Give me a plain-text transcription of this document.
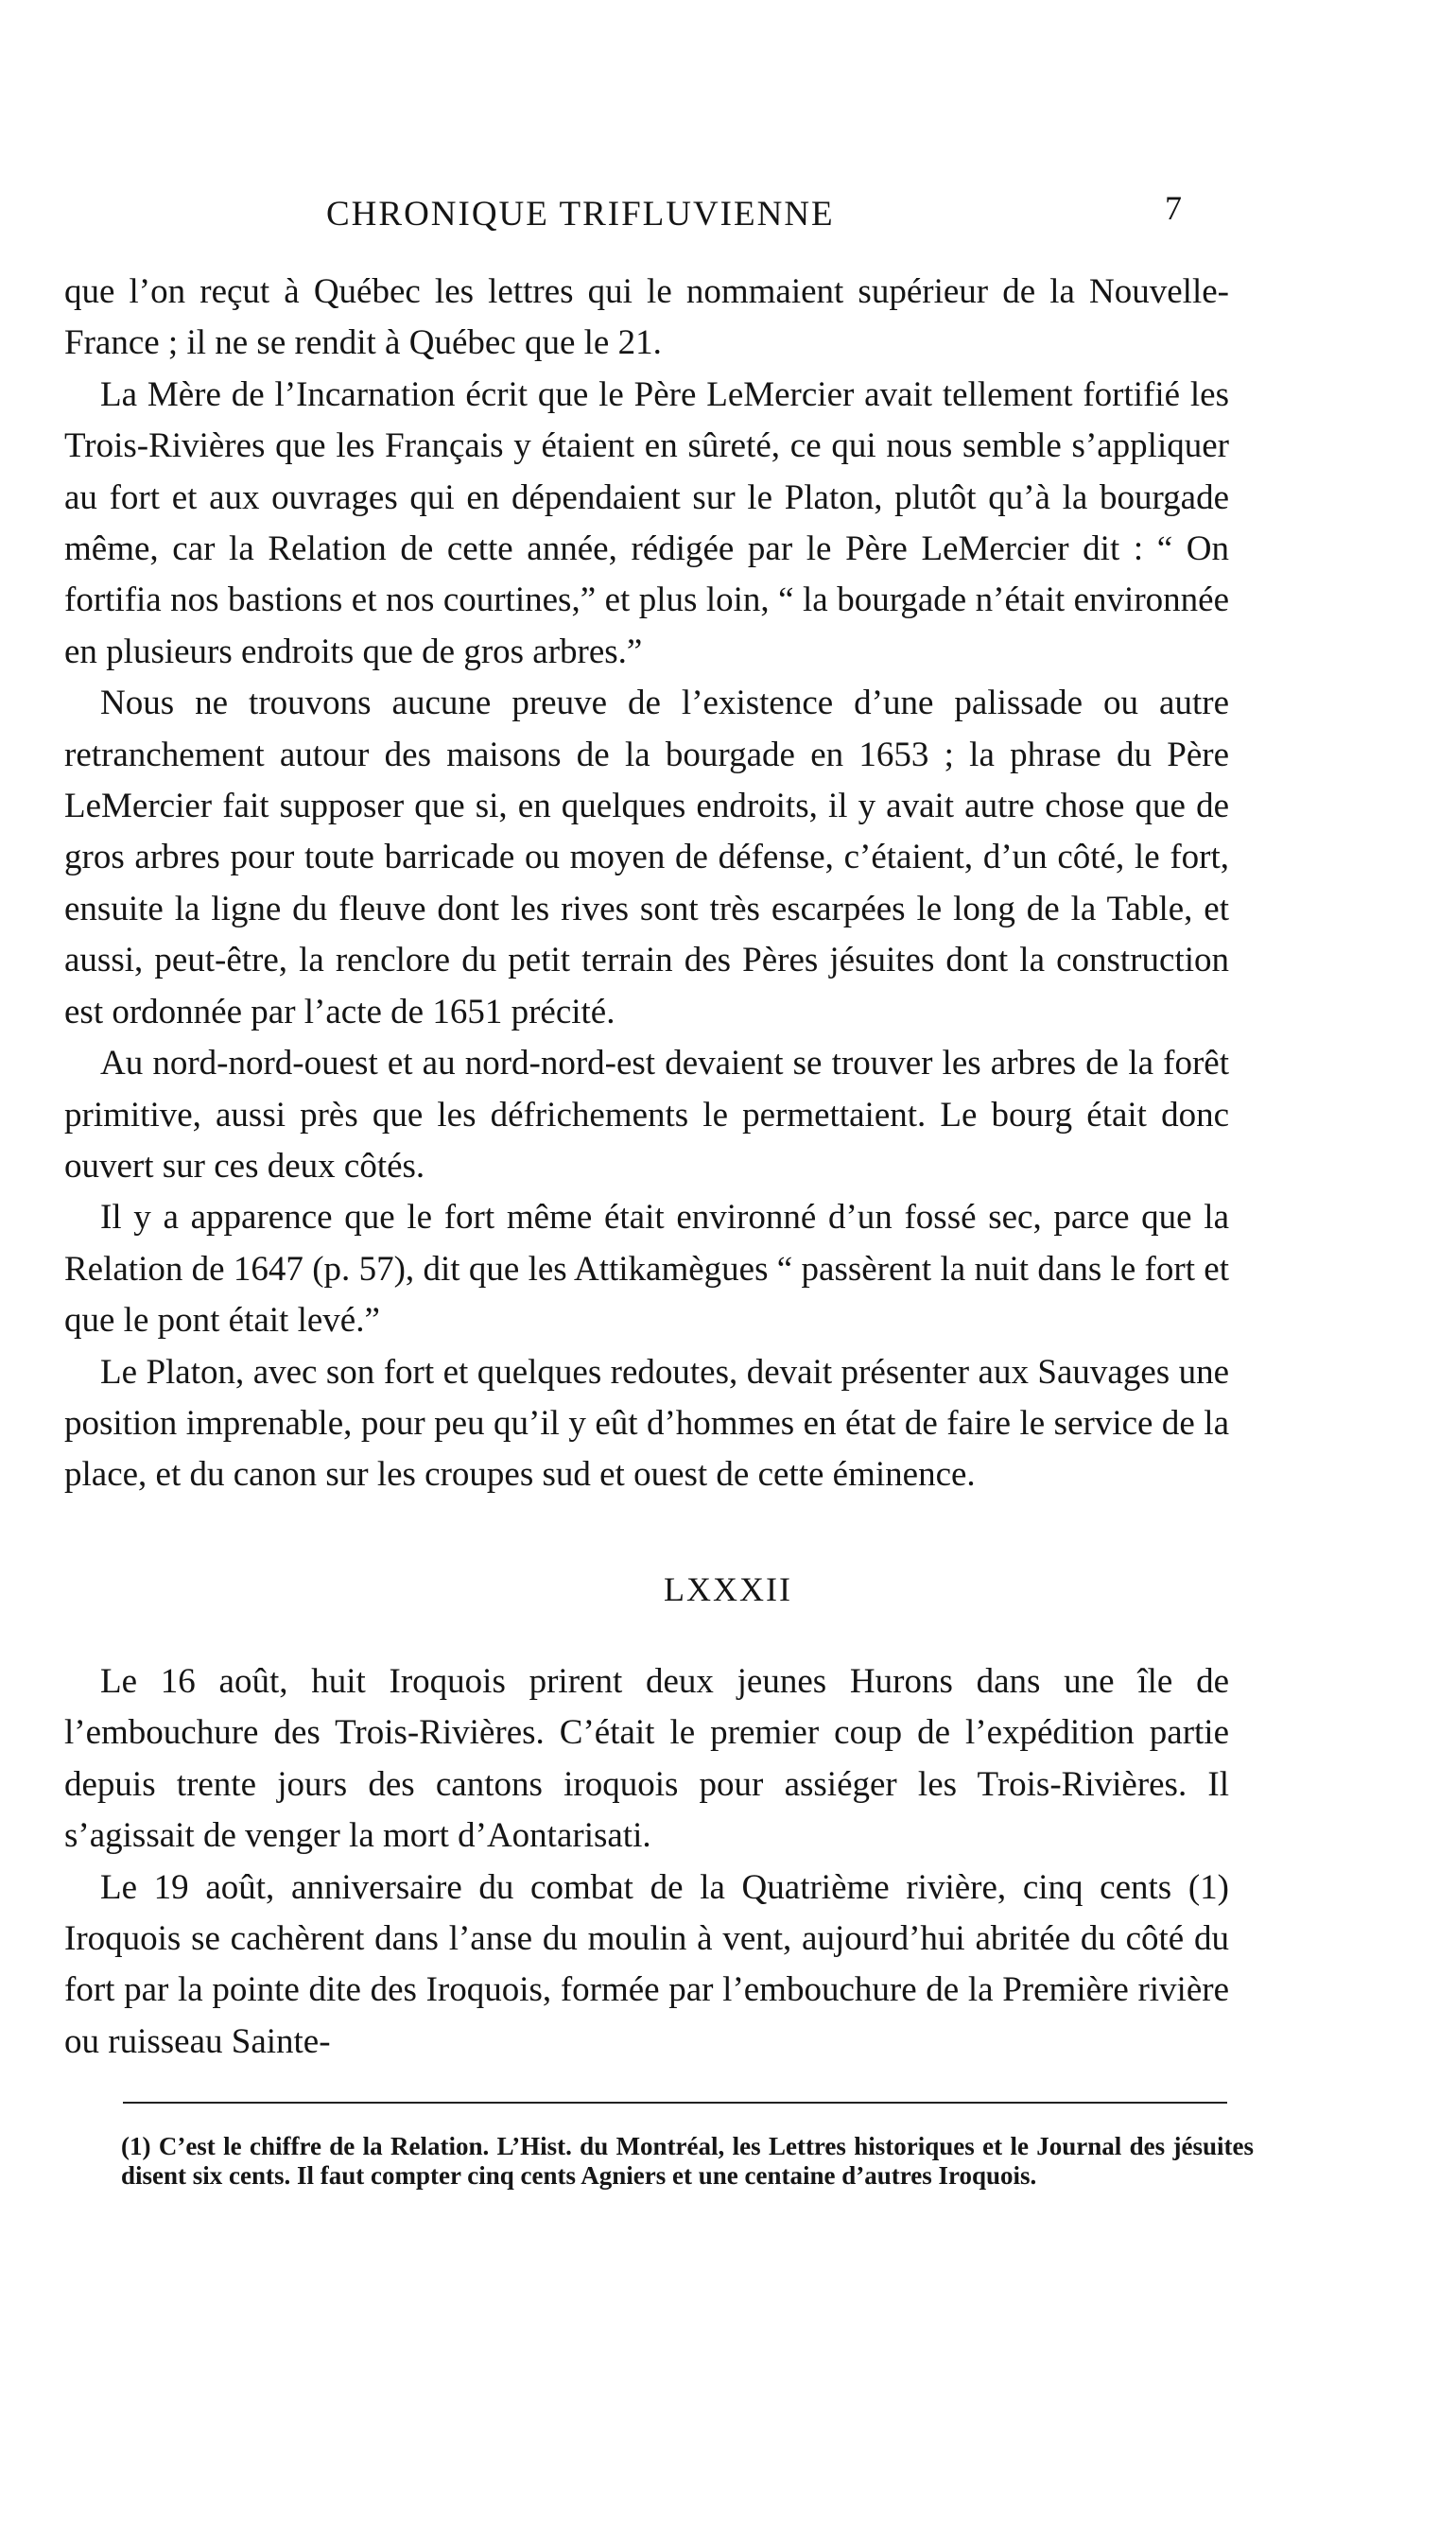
CHRONIQUE TRIFLUVIENNE	7

que l’on reçut à Québec les lettres qui le nommaient supérieur de la Nouvelle-France ; il ne se rendit à Québec que le 21.

La Mère de l’Incarnation écrit que le Père LeMercier avait tellement fortifié les Trois-Rivières que les Français y étaient en sûreté, ce qui nous semble s’appliquer au fort et aux ouvrages qui en dépendaient sur le Platon, plutôt qu’à la bourgade même, car la Relation de cette année, rédigée par le Père LeMercier dit : “ On fortifia nos bastions et nos courtines,” et plus loin, “ la bourgade n’était environnée en plusieurs endroits que de gros arbres.”

Nous ne trouvons aucune preuve de l’existence d’une palissade ou autre retranchement autour des maisons de la bourgade en 1653 ; la phrase du Père LeMercier fait supposer que si, en quelques endroits, il y avait autre chose que de gros arbres pour toute barricade ou moyen de défense, c’étaient, d’un côté, le fort, ensuite la ligne du fleuve dont les rives sont très escarpées le long de la Table, et aussi, peut-être, la renclore du petit terrain des Pères jésuites dont la construction est ordonnée par l’acte de 1651 précité.

Au nord-nord-ouest et au nord-nord-est devaient se trouver les arbres de la forêt primitive, aussi près que les défrichements le permettaient. Le bourg était donc ouvert sur ces deux côtés.

Il y a apparence que le fort même était environné d’un fossé sec, parce que la Relation de 1647 (p. 57), dit que les Attikamègues “ passèrent la nuit dans le fort et que le pont était levé.”

Le Platon, avec son fort et quelques redoutes, devait présenter aux Sauvages une position imprenable, pour peu qu’il y eût d’hommes en état de faire le service de la place, et du canon sur les croupes sud et ouest de cette éminence.

LXXXII

Le 16 août, huit Iroquois prirent deux jeunes Hurons dans une île de l’embouchure des Trois-Rivières. C’était le premier coup de l’expédition partie depuis trente jours des cantons iroquois pour assiéger les Trois-Rivières. Il s’agissait de venger la mort d’Aontarisati.

Le 19 août, anniversaire du combat de la Quatrième rivière, cinq cents (1) Iroquois se cachèrent dans l’anse du moulin à vent, aujourd’hui abritée du côté du fort par la pointe dite des Iroquois, formée par l’embouchure de la Première rivière ou ruisseau Sainte-

(1) C’est le chiffre de la Relation. L’Hist. du Montréal, les Lettres historiques et le Journal des jésuites disent six cents. Il faut compter cinq cents Agniers et une centaine d’autres Iroquois.
